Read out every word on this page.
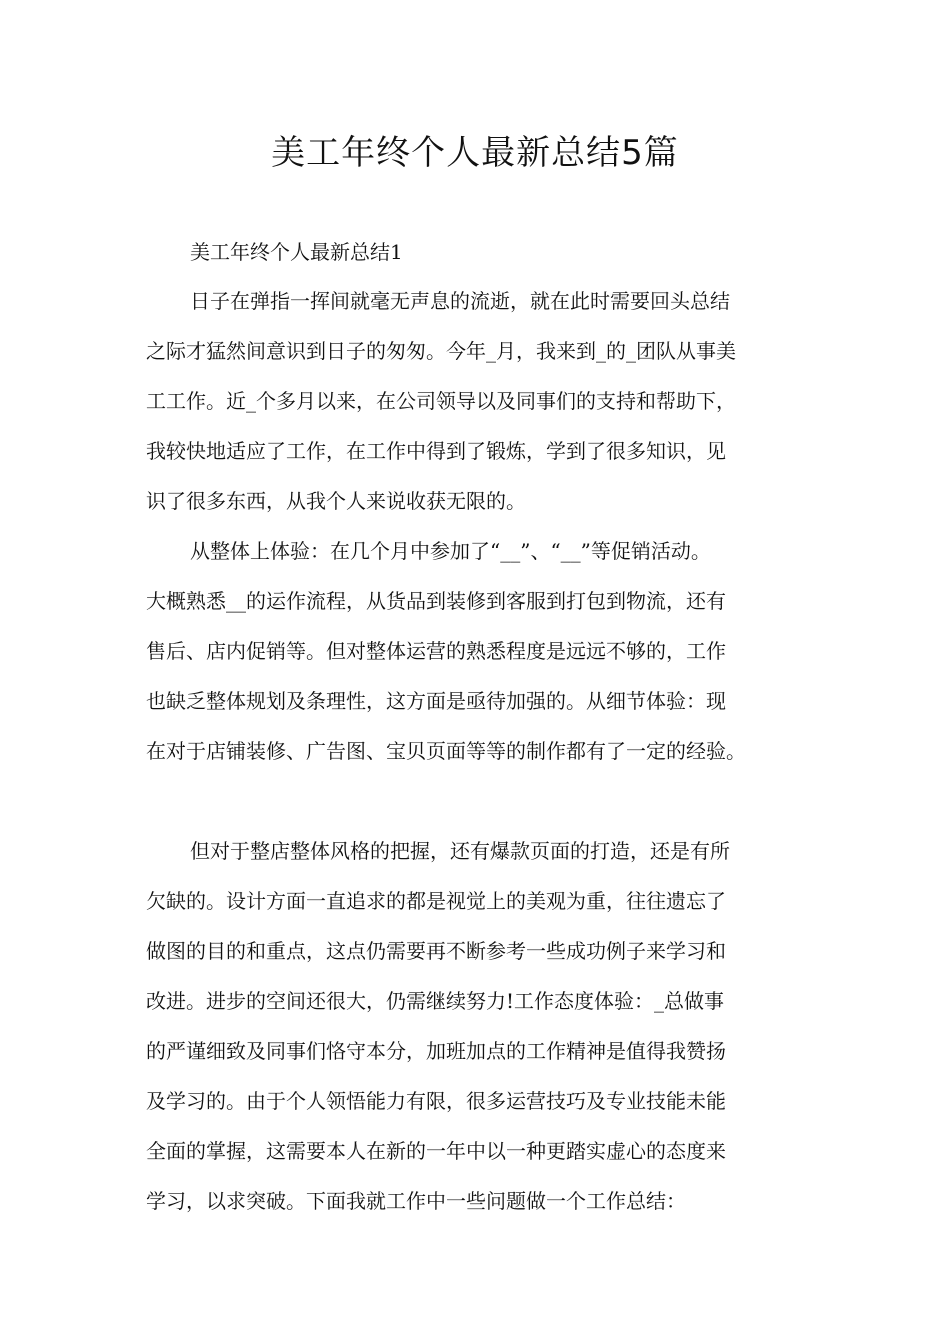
美工年终个人最新总结5篇

美工年终个人最新总结1

日子在弹指一挥间就毫无声息的流逝，就在此时需要回头总结
之际才猛然间意识到日子的匆匆。今年_月，我来到_的_团队从事美
工工作。近_个多月以来，在公司领导以及同事们的支持和帮助下，
我较快地适应了工作，在工作中得到了锻炼，学到了很多知识，见
识了很多东西，从我个人来说收获无限的。
从整体上体验：在几个月中参加了“__”、“__”等促销活动。
大概熟悉__的运作流程，从货品到装修到客服到打包到物流，还有
售后、店内促销等。但对整体运营的熟悉程度是远远不够的，工作
也缺乏整体规划及条理性，这方面是亟待加强的。从细节体验：现
在对于店铺装修、广告图、宝贝页面等等的制作都有了一定的经验。
但对于整店整体风格的把握，还有爆款页面的打造，还是有所
欠缺的。设计方面一直追求的都是视觉上的美观为重，往往遗忘了
做图的目的和重点，这点仍需要再不断参考一些成功例子来学习和
改进。进步的空间还很大，仍需继续努力!工作态度体验：_总做事
的严谨细致及同事们恪守本分，加班加点的工作精神是值得我赞扬
及学习的。由于个人领悟能力有限，很多运营技巧及专业技能未能
全面的掌握，这需要本人在新的一年中以一种更踏实虚心的态度来
学习，以求突破。下面我就工作中一些问题做一个工作总结：
